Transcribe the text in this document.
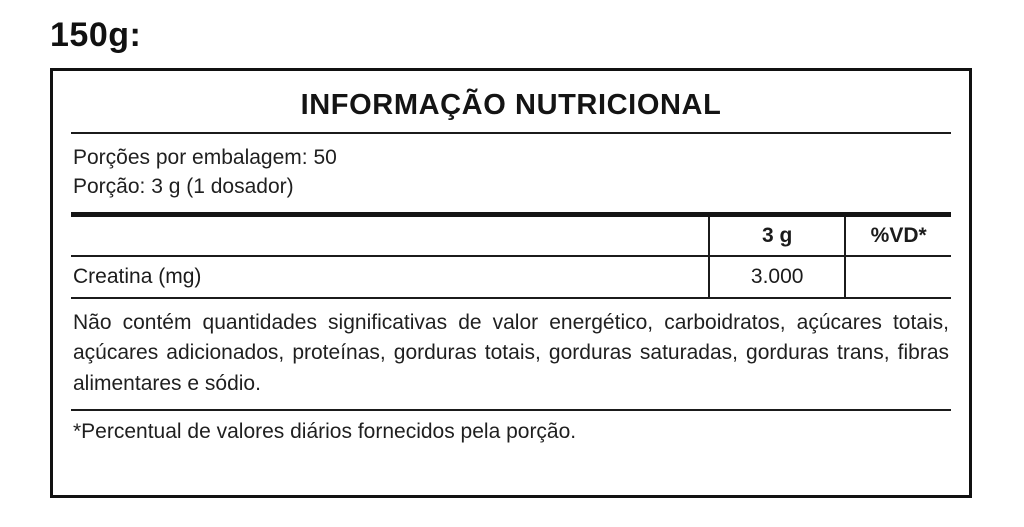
150g:
INFORMAÇÃO NUTRICIONAL
Porções por embalagem: 50
Porção: 3 g (1 dosador)
	3 g	%VD*
Creatina (mg)	3.000	
Não contém quantidades significativas de valor energético, carboidratos, açúcares totais, açúcares adicionados, proteínas, gorduras totais, gorduras saturadas, gorduras trans, fibras alimentares e sódio.
*Percentual de valores diários fornecidos pela porção.
